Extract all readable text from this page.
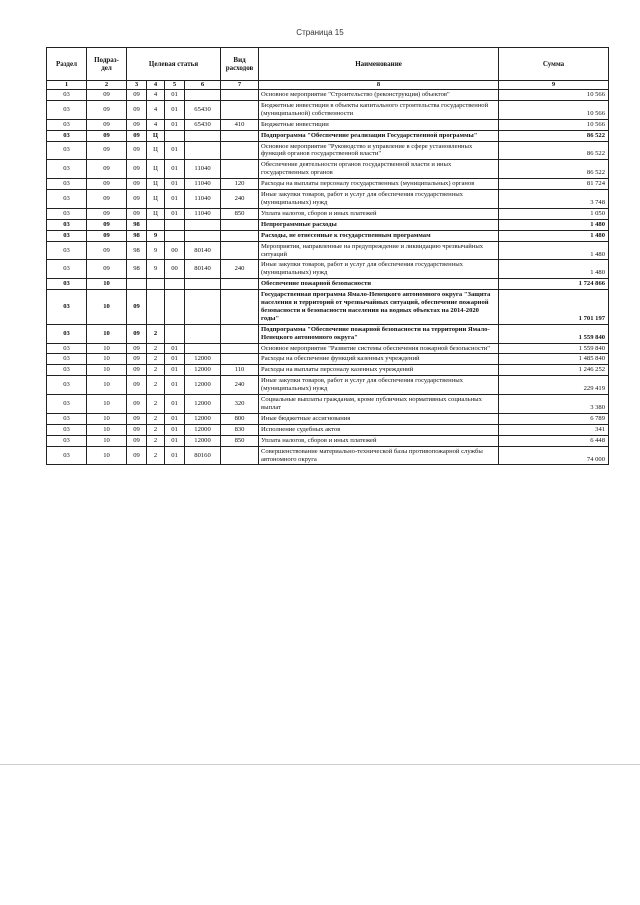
Страница 15
Раздел	Подраз-дел	Целевая статья				Вид расходов	Наименование	Сумма
1	2	3	4	5	6	7	8	9
03	09	09	4	01			Основное мероприятие "Строительство (реконструкция) объектов"	10 566
03	09	09	4	01	65430		Бюджетные инвестиции в объекты капитального строительства государственной (муниципальной) собственности	10 566
03	09	09	4	01	65430	410	Бюджетные инвестиции	10 566
03	09	09	Ц				Подпрограмма "Обеспечение реализации Государственной программы"	86 522
03	09	09	Ц	01			Основное мероприятие "Руководство и управление в сфере установленных функций органов государственной власти"	86 522
03	09	09	Ц	01	11040		Обеспечение деятельности органов государственной власти и иных государственных органов	86 522
03	09	09	Ц	01	11040	120	Расходы на выплаты персоналу государственных (муниципальных) органов	81 724
03	09	09	Ц	01	11040	240	Иные закупки товаров, работ и услуг для обеспечения государственных (муниципальных) нужд	3 748
03	09	09	Ц	01	11040	850	Уплата налогов, сборов и иных платежей	1 050
03	09	98					Непрограммные расходы	1 480
03	09	98	9				Расходы, не отнесенные к государственным программам	1 480
03	09	98	9	00	80140		Мероприятия, направленные на предупреждение и ликвидацию чрезвычайных ситуаций	1 480
03	09	98	9	00	80140	240	Иные закупки товаров, работ и услуг для обеспечения государственных (муниципальных) нужд	1 480
03	10						Обеспечение пожарной безопасности	1 724 866
03	10	09					Государственная программа Ямало-Ненецкого автономного округа "Защита населения и территорий от чрезвычайных ситуаций, обеспечение пожарной безопасности и безопасности населения на водных объектах на 2014-2020 годы"	1 701 197
03	10	09	2				Подпрограмма "Обеспечение пожарной безопасности на территории Ямало-Ненецкого автономного округа"	1 559 840
03	10	09	2	01			Основное мероприятие "Развитие системы обеспечения пожарной безопасности"	1 559 840
03	10	09	2	01	12000		Расходы на обеспечение функций казенных учреждений	1 485 840
03	10	09	2	01	12000	110	Расходы на выплаты персоналу казенных учреждений	1 246 252
03	10	09	2	01	12000	240	Иные закупки товаров, работ и услуг для обеспечения государственных (муниципальных) нужд	229 419
03	10	09	2	01	12000	320	Социальные выплаты гражданам, кроме публичных нормативных социальных выплат	3 380
03	10	09	2	01	12000	800	Иные бюджетные ассигнования	6 789
03	10	09	2	01	12000	830	Исполнение судебных актов	341
03	10	09	2	01	12000	850	Уплата налогов, сборов и иных платежей	6 448
03	10	09	2	01	80160		Совершенствование материально-технической базы противопожарной службы автономного округа	74 000
